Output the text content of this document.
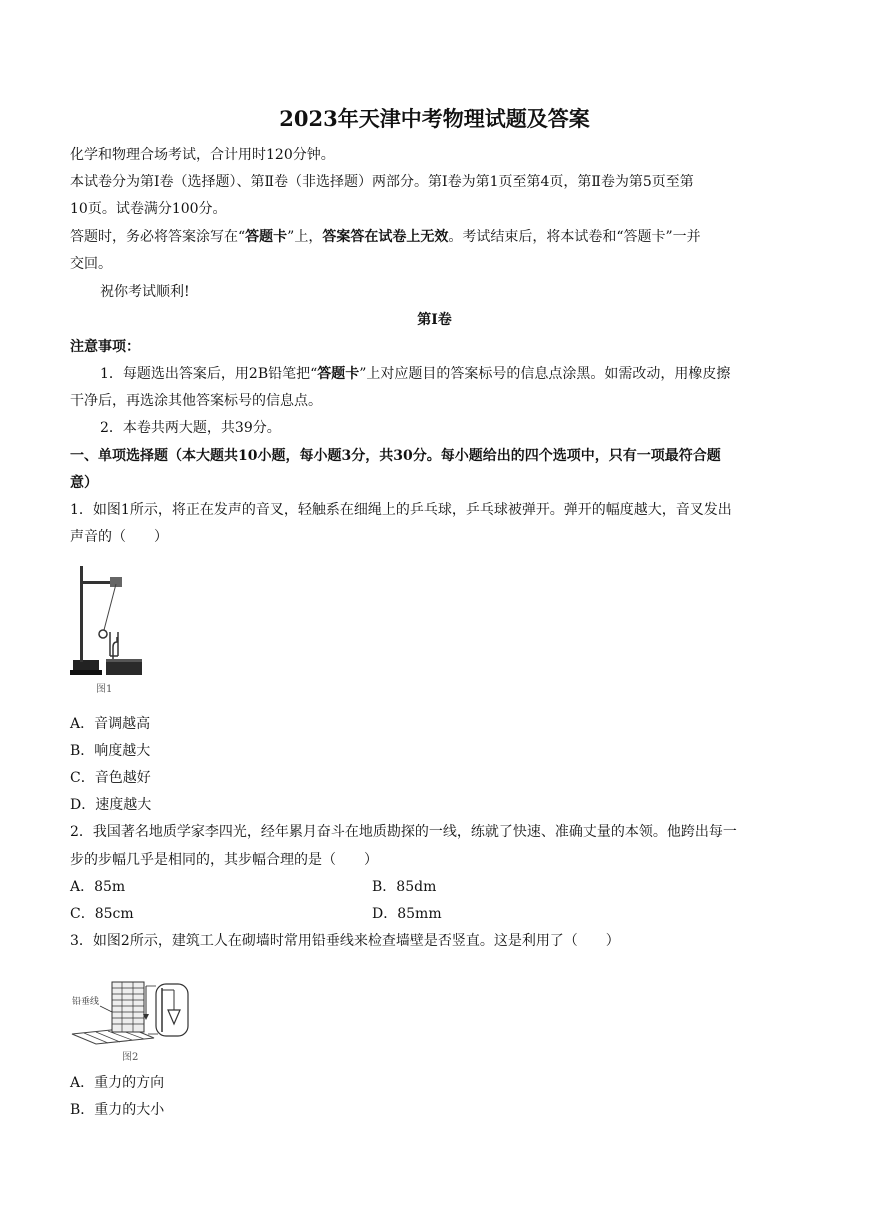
2023年天津中考物理试题及答案
化学和物理合场考试，合计用时120分钟。
本试卷分为第Ⅰ卷（选择题）、第Ⅱ卷（非选择题）两部分。第Ⅰ卷为第1页至第4页，第Ⅱ卷为第5页至第
10页。试卷满分100分。
答题时，务必将答案涂写在“答题卡”上，答案答在试卷上无效。考试结束后，将本试卷和“答题卡”一并
交回。
祝你考试顺利!
第Ⅰ卷
注意事项：
1．每题选出答案后，用2B铅笔把“答题卡”上对应题目的答案标号的信息点涂黑。如需改动，用橡皮擦
干净后，再选涂其他答案标号的信息点。
2．本卷共两大题，共39分。
一、单项选择题（本大题共10小题，每小题3分，共30分。每小题给出的四个选项中，只有一项最符合题
意）
1．如图1所示，将正在发声的音叉，轻触系在细绳上的乒乓球，乒乓球被弹开。弹开的幅度越大，音叉发出
声音的（　　）
图1
A．音调越高
B．响度越大
C．音色越好
D．速度越大
2．我国著名地质学家李四光，经年累月奋斗在地质勘探的一线，练就了快速、准确丈量的本领。他跨出每一
步的步幅几乎是相同的，其步幅合理的是（　　）
A．85m	B．85dm
C．85cm	D．85mm
3．如图2所示，建筑工人在砌墙时常用铅垂线来检查墙壁是否竖直。这是利用了（　　）
铅垂线
图2
A．重力的方向
B．重力的大小
